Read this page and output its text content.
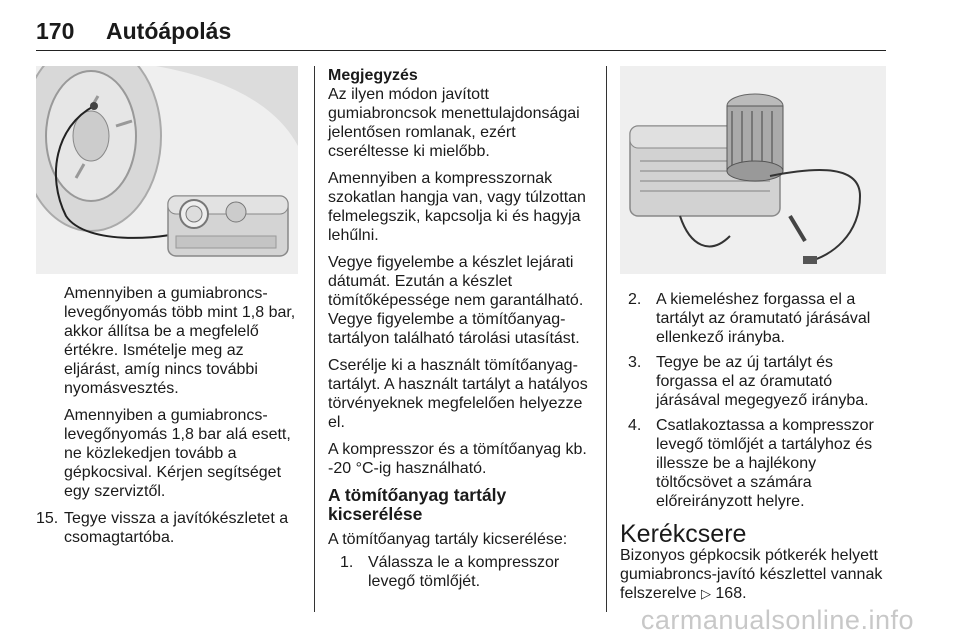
170 Autóápolás

Amennyiben a gumiabroncs-levegőnyomás több mint 1,8 bar, akkor állítsa be a megfelelő értékre. Ismételje meg az eljárást, amíg nincs további nyomásvesztés.

Amennyiben a gumiabroncs-levegőnyomás 1,8 bar alá esett, ne közlekedjen tovább a gépkocsival. Kérjen segítséget egy szerviztől.

15. Tegye vissza a javítókészletet a csomagtartóba.
Megjegyzés

Az ilyen módon javított gumiabroncsok menettulajdonságai jelentősen romlanak, ezért cseréltesse ki mielőbb.

Amennyiben a kompresszornak szokatlan hangja van, vagy túlzottan felmelegszik, kapcsolja ki és hagyja lehűlni.

Vegye figyelembe a készlet lejárati dátumát. Ezután a készlet tömítőképessége nem garantálható. Vegye figyelembe a tömítőanyag-tartályon található tárolási utasítást.

Cserélje ki a használt tömítőanyag-tartályt. A használt tartályt a hatályos törvényeknek megfelelően helyezze el.

A kompresszor és a tömítőanyag kb. -20 °C-ig használható.

A tömítőanyag tartály kicserélése

A tömítőanyag tartály kicserélése:

1. Válassza le a kompresszor levegő tömlőjét.
2. A kiemeléshez forgassa el a tartályt az óramutató járásával ellenkező irányba.
3. Tegye be az új tartályt és forgassa el az óramutató járásával megegyező irányba.
4. Csatlakoztassa a kompresszor levegő tömlőjét a tartályhoz és illessze be a hajlékony töltőcsövet a számára előreirányzott helyre.
Kerékcsere

Bizonyos gépkocsik pótkerék helyett gumiabroncs-javító készlettel vannak felszerelve ▷ 168.

carmanualsonline.info
